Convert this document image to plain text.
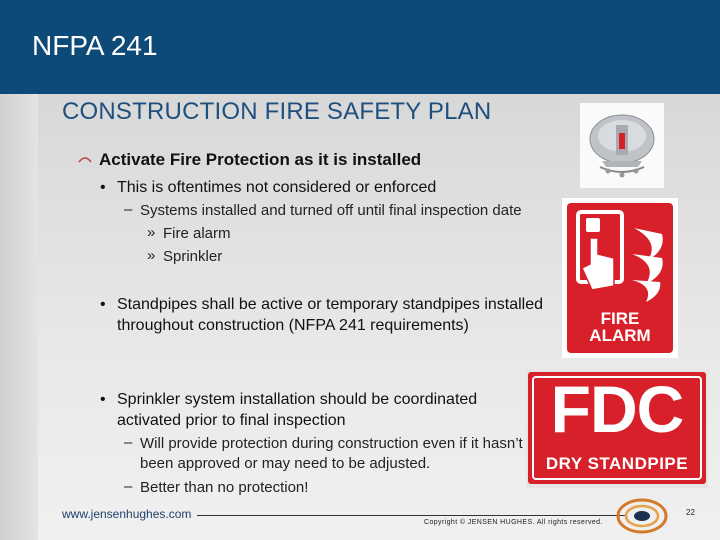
NFPA 241
CONSTRUCTION FIRE SAFETY PLAN
Activate Fire Protection as it is installed
• This is oftentimes not considered or enforced
– Systems installed and turned off until final inspection date
» Fire alarm
» Sprinkler
• Standpipes shall be active or temporary standpipes installed throughout construction (NFPA 241 requirements)
• Sprinkler system installation should be coordinated activated prior to final inspection
– Will provide protection during construction even if it hasn’t been approved or may need to be adjusted.
– Better than no protection!
FIRE
ALARM
FDC
DRY STANDPIPE
www.jensenhughes.com
Copyright © JENSEN HUGHES. All rights reserved.
22
